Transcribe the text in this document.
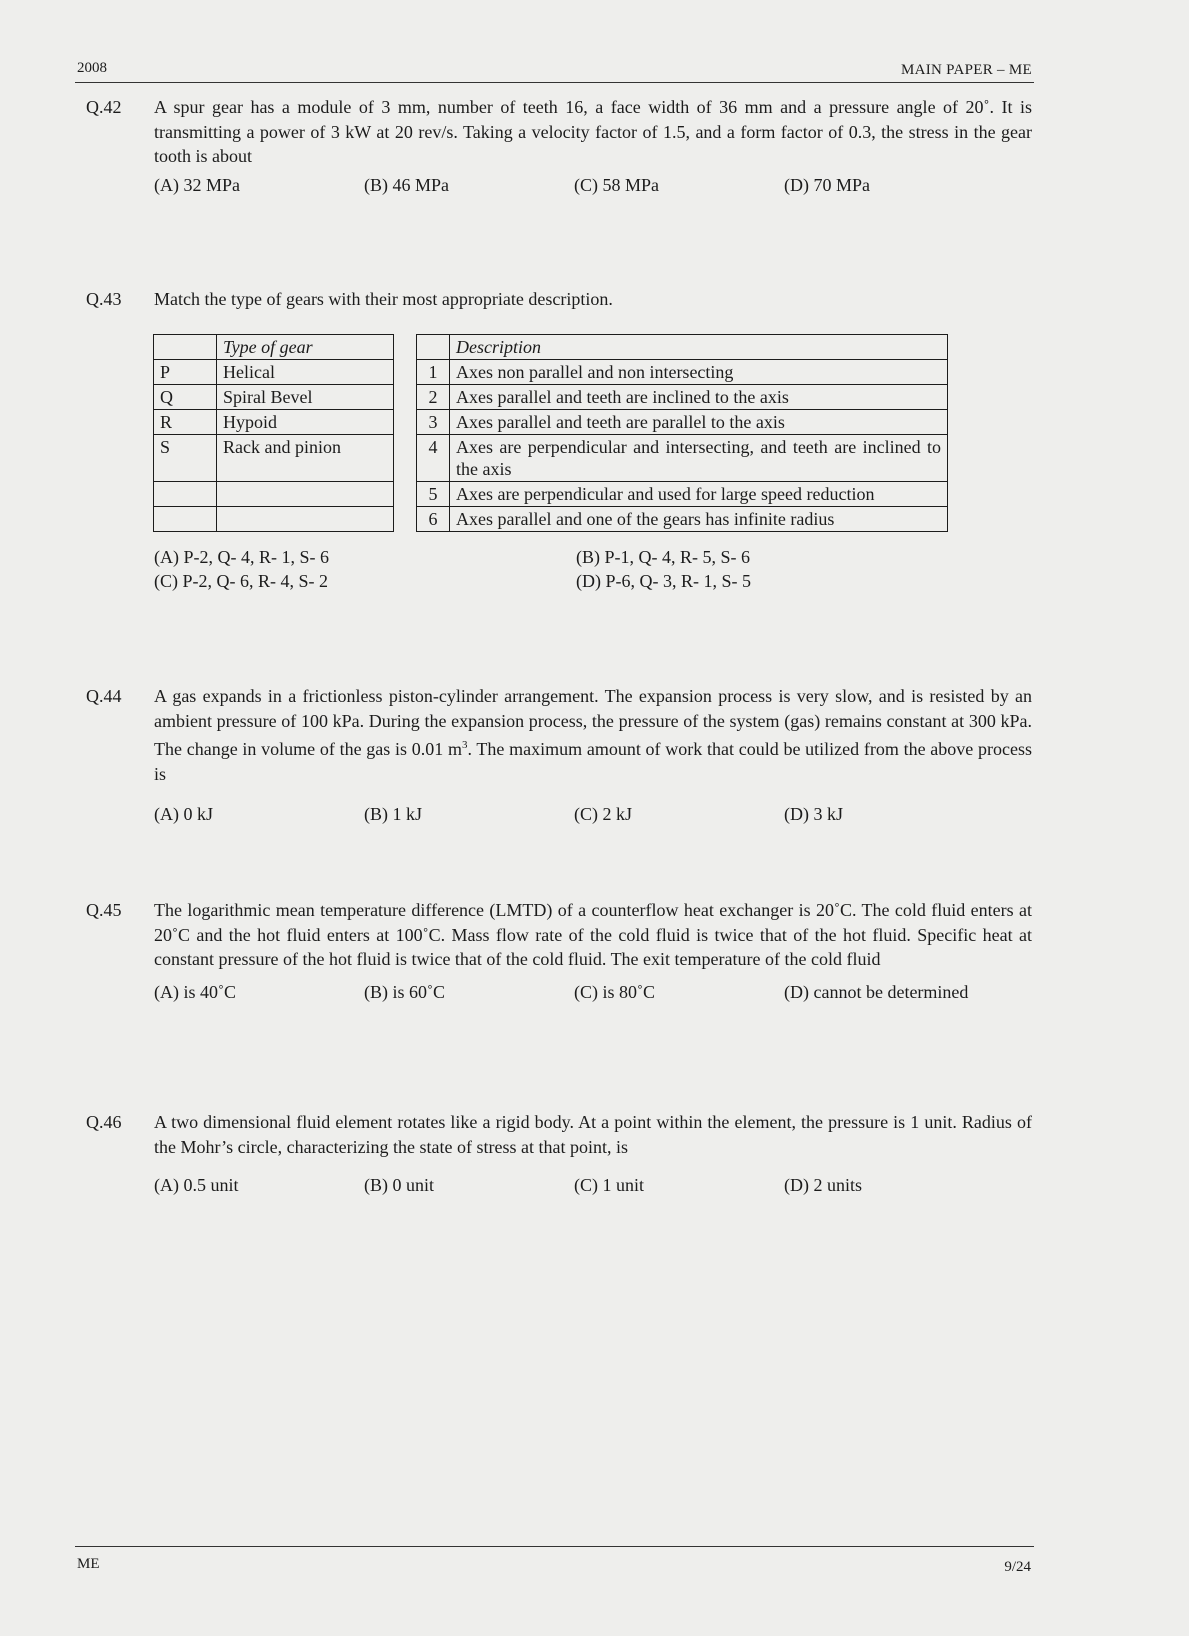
2008	MAIN PAPER – ME
Q.42	A spur gear has a module of 3 mm, number of teeth 16, a face width of 36 mm and a pressure angle of 20˚. It is transmitting a power of 3 kW at 20 rev/s. Taking a velocity factor of 1.5, and a form factor of 0.3, the stress in the gear tooth is about
(A) 32 MPa	(B) 46 MPa	(C) 58 MPa	(D) 70 MPa
Q.43	Match the type of gears with their most appropriate description.
	Type of gear			Description
P	Helical		1	Axes non parallel and non intersecting
Q	Spiral Bevel		2	Axes parallel and teeth are inclined to the axis
R	Hypoid		3	Axes parallel and teeth are parallel to the axis
S	Rack and pinion		4	Axes are perpendicular and intersecting, and teeth are inclined to the axis
			5	Axes are perpendicular and used for large speed reduction
			6	Axes parallel and one of the gears has infinite radius
(A) P-2, Q- 4, R- 1, S- 6	(B) P-1, Q- 4, R- 5, S- 6
(C) P-2, Q- 6, R- 4, S- 2	(D) P-6, Q- 3, R- 1, S- 5
Q.44	A gas expands in a frictionless piston-cylinder arrangement. The expansion process is very slow, and is resisted by an ambient pressure of 100 kPa. During the expansion process, the pressure of the system (gas) remains constant at 300 kPa. The change in volume of the gas is 0.01 $m^3$. The maximum amount of work that could be utilized from the above process is
(A) 0 kJ	(B) 1 kJ	(C) 2 kJ	(D) 3 kJ
Q.45	The logarithmic mean temperature difference (LMTD) of a counterflow heat exchanger is 20˚C. The cold fluid enters at 20˚C and the hot fluid enters at 100˚C. Mass flow rate of the cold fluid is twice that of the hot fluid. Specific heat at constant pressure of the hot fluid is twice that of the cold fluid. The exit temperature of the cold fluid
(A) is 40˚C	(B) is 60˚C	(C) is 80˚C	(D) cannot be determined
Q.46	A two dimensional fluid element rotates like a rigid body. At a point within the element, the pressure is 1 unit. Radius of the Mohr’s circle, characterizing the state of stress at that point, is
(A) 0.5 unit	(B) 0 unit	(C) 1 unit	(D) 2 units
ME	9/24
